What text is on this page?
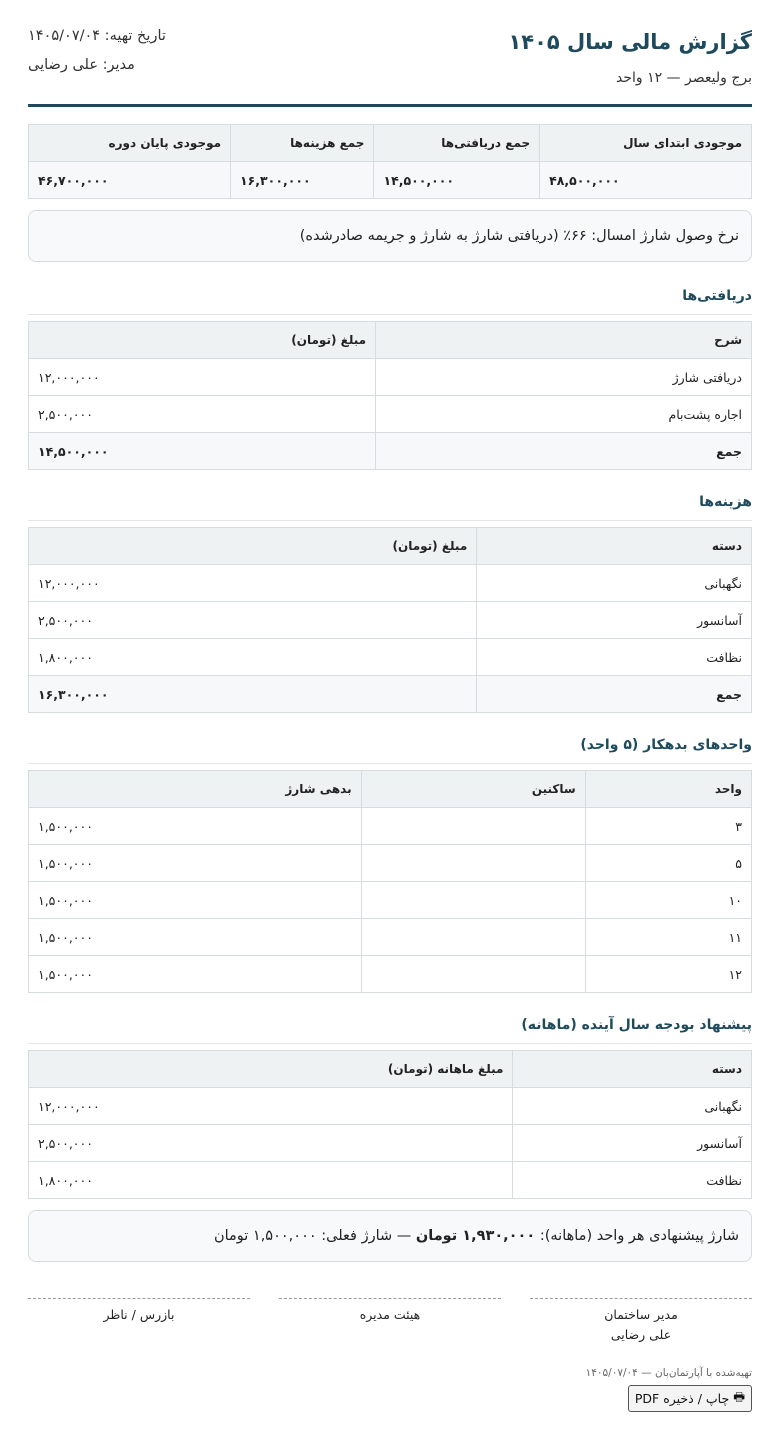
گزارش مالی سال ۱۴۰۵
برج ولیعصر — ۱۲ واحد
تاریخ تهیه: ۱۴۰۵/۰۷/۰۴
مدیر: علی رضایی
موجودی ابتدای سال	جمع دریافتی‌ها	جمع هزینه‌ها	موجودی پایان دوره
۴۸,۵۰۰,۰۰۰	۱۴,۵۰۰,۰۰۰	۱۶,۳۰۰,۰۰۰	۴۶,۷۰۰,۰۰۰
نرخ وصول شارژ امسال: ۶۶٪ (دریافتی شارژ به شارژ و جریمه صادرشده)
دریافتی‌ها
شرح	مبلغ (تومان)
دریافتی شارژ	۱۲,۰۰۰,۰۰۰
اجاره پشت‌بام	۲,۵۰۰,۰۰۰
جمع	۱۴,۵۰۰,۰۰۰
هزینه‌ها
دسته	مبلغ (تومان)
نگهبانی	۱۲,۰۰۰,۰۰۰
آسانسور	۲,۵۰۰,۰۰۰
نظافت	۱,۸۰۰,۰۰۰
جمع	۱۶,۳۰۰,۰۰۰
واحدهای بدهکار (۵ واحد)
واحد	ساکنین	بدهی شارژ
۳		۱,۵۰۰,۰۰۰
۵		۱,۵۰۰,۰۰۰
۱۰		۱,۵۰۰,۰۰۰
۱۱		۱,۵۰۰,۰۰۰
۱۲		۱,۵۰۰,۰۰۰
پیشنهاد بودجه سال آینده (ماهانه)
دسته	مبلغ ماهانه (تومان)
نگهبانی	۱۲,۰۰۰,۰۰۰
آسانسور	۲,۵۰۰,۰۰۰
نظافت	۱,۸۰۰,۰۰۰
شارژ پیشنهادی هر واحد (ماهانه):

۱,۹۳۰,۰۰۰ تومان

— شارژ فعلی: ۱,۵۰۰,۰۰۰ تومان
مدیر ساختمان
علی رضایی
هیئت مدیره
بازرس / ناظر
تهیه‌شده با آپارتمان‌بان — ۱۴۰۵/۰۷/۰۴
🖶
چاپ / ذخیره PDF
